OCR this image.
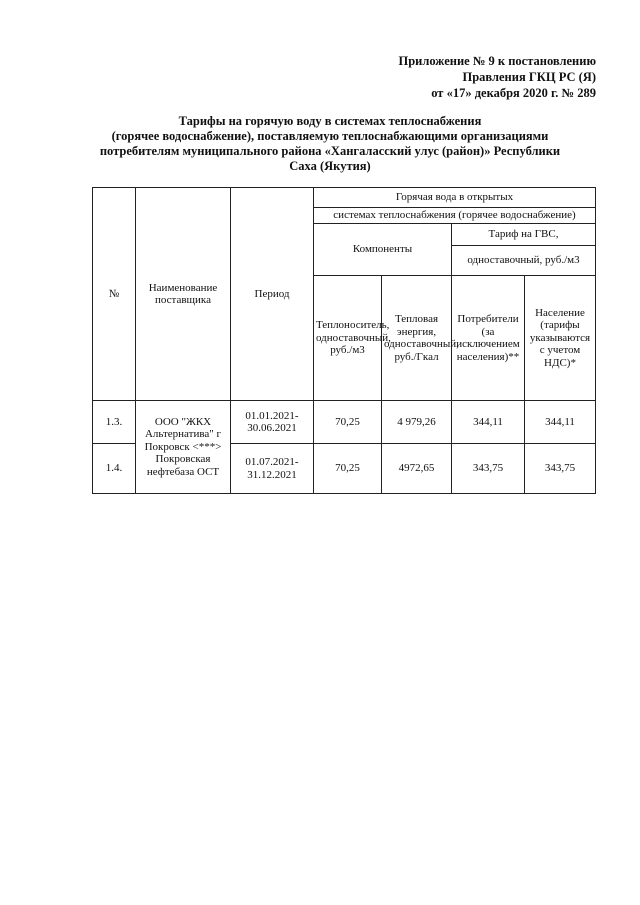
Приложение № 9 к постановлению
Правления ГКЦ РС (Я)
от «17» декабря 2020 г. № 289
Тарифы на горячую воду в системах теплоснабжения
(горячее водоснабжение), поставляемую теплоснабжающими организациями
потребителям муниципального района «Хангаласский улус (район)» Республики
Саха (Якутия)
№	Наименование поставщика	Период	Горячая вода в открытых			
			системах теплоснабжения (горячее водоснабжение)			
			Компоненты		Тариф на ГВС,	
					одноставочный, руб./м3	
			Теплоноситель, одноставочный, руб./м3	Тепловая энергия, одноставочный, руб./Гкал	Потребители (за исключением населения)**	Население (тарифы указываются с учетом НДС)*
1.3.	ООО "ЖКХ Альтернатива" г Покровск <***> Покровская нефтебаза ОСТ	01.01.2021-30.06.2021	70,25	4 979,26	344,11	344,11
1.4.		01.07.2021-31.12.2021	70,25	4972,65	343,75	343,75
